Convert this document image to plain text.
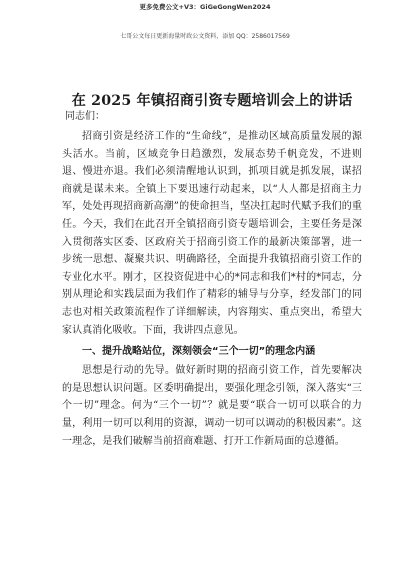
更多免费公文+V3：GiGeGongWen2024
七哥公文每日更新海量时政公文资料，添加 QQ：2586017569
在 2025 年镇招商引资专题培训会上的讲话

同志们：

招商引资是经济工作的“生命线”，是推动区域高质量发展的源头活水。当前，区域竞争日趋激烈，发展态势千帆竞发，不进则退、慢进亦退。我们必须清醒地认识到，抓项目就是抓发展，谋招商就是谋未来。全镇上下要迅速行动起来，以“人人都是招商主力军，处处再现招商新高潮”的使命担当，坚决扛起时代赋予我们的重任。今天，我们在此召开全镇招商引资专题培训会，主要任务是深入贯彻落实区委、区政府关于招商引资工作的最新决策部署，进一步统一思想、凝聚共识、明确路径，全面提升我镇招商引资工作的专业化水平。刚才，区投资促进中心的*同志和我们*村的*同志，分别从理论和实践层面为我们作了精彩的辅导与分享，经发部门的同志也对相关政策流程作了详细解读，内容翔实、重点突出，希望大家认真消化吸收。下面，我讲四点意见。

一、提升战略站位，深刻领会“三个一切”的理念内涵

思想是行动的先导。做好新时期的招商引资工作，首先要解决的是思想认识问题。区委明确提出，要强化理念引领，深入落实“三个一切”理念。何为“三个一切”？就是要“联合一切可以联合的力量，利用一切可以利用的资源，调动一切可以调动的积极因素”。这一理念，是我们破解当前招商难题、打开工作新局面的总遵循。
